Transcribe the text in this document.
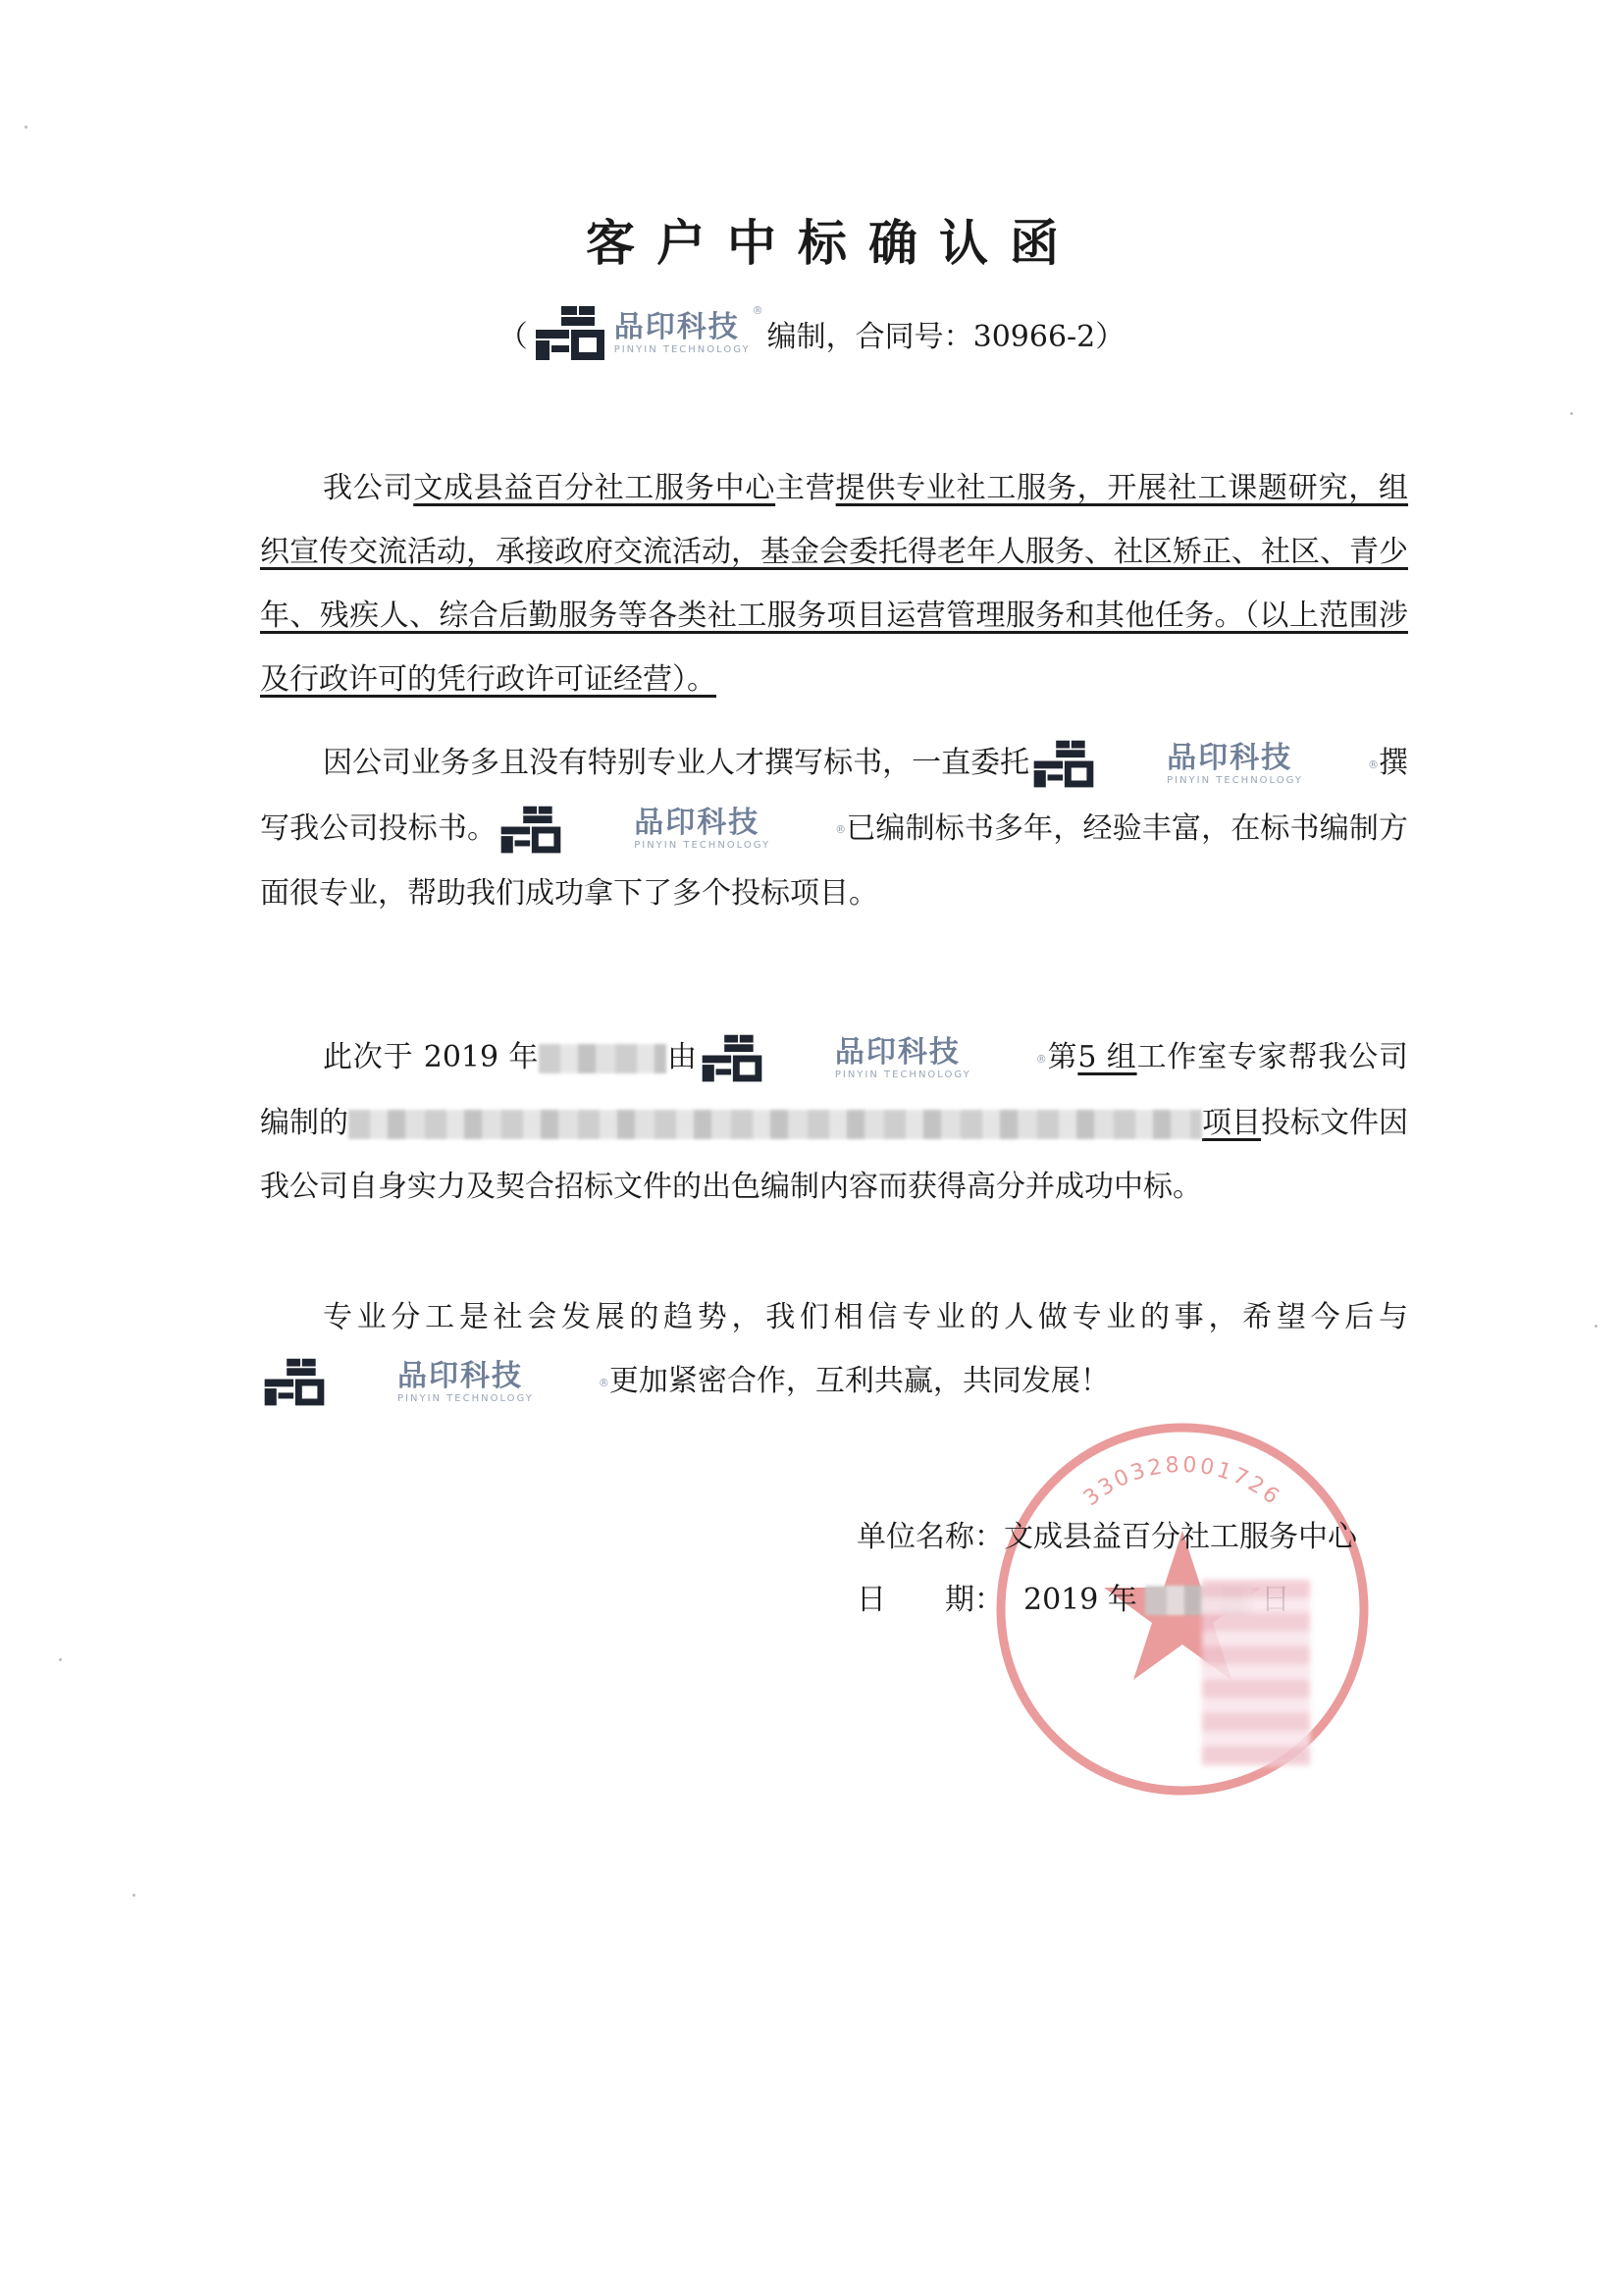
客户中标确认函
（	品印科技
PINYIN TECHNOLOGY
®
编制，合同号：30966-2）

我公司文成县益百分社工服务中心主营提供专业社工服务，开展社工课题研究，组织宣传交流活动，承接政府交流活动，基金会委托得老年人服务、社区矫正、社区、青少年、残疾人、综合后勤服务等各类社工服务项目运营管理服务和其他任务。（以上范围涉及行政许可的凭行政许可证经营）。

因公司业务多且没有特别专业人才撰写标书，一直委托	品印科技
PINYIN TECHNOLOGY
® 撰写我公司投标书。	品印科技
PINYIN TECHNOLOGY
® 已编制标书多年，经验丰富，在标书编制方面很专业，帮助我们成功拿下了多个投标项目。

此次于 2019 年	由	品印科技
PINYIN TECHNOLOGY
® 第5 组工作室专家帮我公司编制的	项目投标文件因我公司自身实力及契合招标文件的出色编制内容而获得高分并成功中标。

专业分工是社会发展的趋势，我们相信专业的人做专业的事，希望今后与
品印科技
PINYIN TECHNOLOGY
® 更加紧密合作，互利共赢，共同发展！

330328001726
单位名称： 文成县益百分社工服务中心
日　　期： 2019 年
